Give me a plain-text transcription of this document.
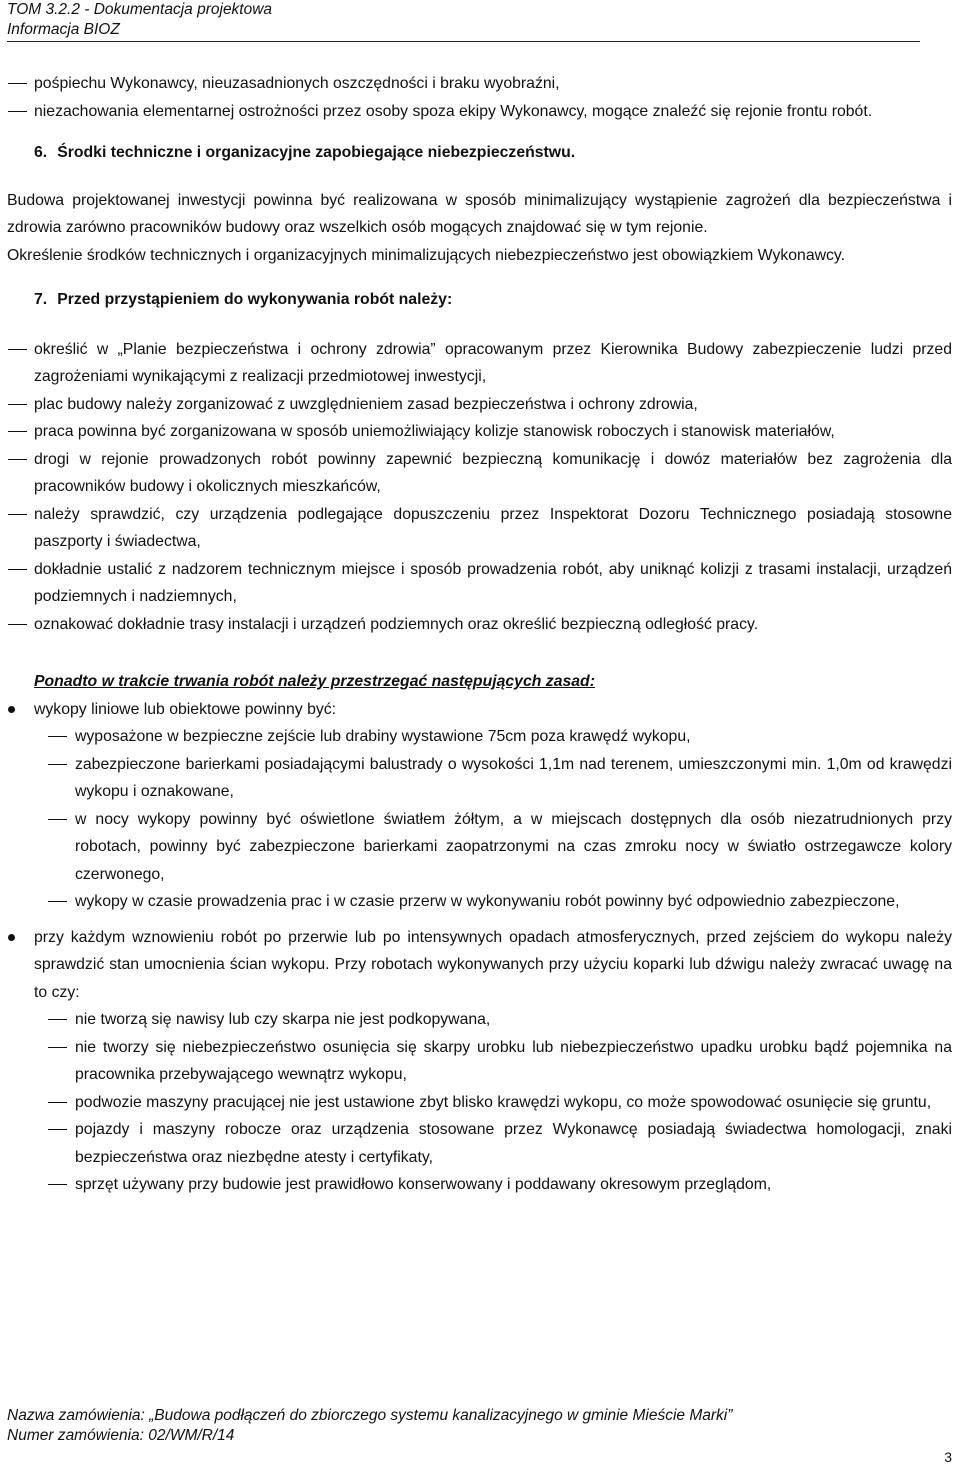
TOM 3.2.2 - Dokumentacja projektowa
Informacja BIOZ
pośpiechu Wykonawcy, nieuzasadnionych oszczędności i braku wyobraźni,
niezachowania elementarnej ostrożności przez osoby spoza ekipy Wykonawcy, mogące znaleźć się rejonie frontu robót.
6. Środki techniczne i organizacyjne zapobiegające niebezpieczeństwu.

Budowa projektowanej inwestycji powinna być realizowana w sposób minimalizujący wystąpienie zagrożeń dla bezpieczeństwa i zdrowia zarówno pracowników budowy oraz wszelkich osób mogących znajdować się w tym rejonie.

Określenie środków technicznych i organizacyjnych minimalizujących niebezpieczeństwo jest obowiązkiem Wykonawcy.

7. Przed przystąpieniem do wykonywania robót należy:
określić w „Planie bezpieczeństwa i ochrony zdrowia” opracowanym przez Kierownika Budowy zabezpieczenie ludzi przed zagrożeniami wynikającymi z realizacji przedmiotowej inwestycji,
plac budowy należy zorganizować z uwzględnieniem zasad bezpieczeństwa i ochrony zdrowia,
praca powinna być zorganizowana w sposób uniemożliwiający kolizje stanowisk roboczych i stanowisk materiałów,
drogi w rejonie prowadzonych robót powinny zapewnić bezpieczną komunikację i dowóz materiałów bez zagrożenia dla pracowników budowy i okolicznych mieszkańców,
należy sprawdzić, czy urządzenia podlegające dopuszczeniu przez Inspektorat Dozoru Technicznego posiadają stosowne paszporty i świadectwa,
dokładnie ustalić z nadzorem technicznym miejsce i sposób prowadzenia robót, aby uniknąć kolizji z trasami instalacji, urządzeń podziemnych i nadziemnych,
oznakować dokładnie trasy instalacji i urządzeń podziemnych oraz określić bezpieczną odległość pracy.
Ponadto w trakcie trwania robót należy przestrzegać następujących zasad:
wykopy liniowe lub obiektowe powinny być:
wyposażone w bezpieczne zejście lub drabiny wystawione 75cm poza krawędź wykopu,
zabezpieczone barierkami posiadającymi balustrady o wysokości 1,1m nad terenem, umieszczonymi min. 1,0m od krawędzi wykopu i oznakowane,
w nocy wykopy powinny być oświetlone światłem żółtym, a w miejscach dostępnych dla osób niezatrudnionych przy robotach, powinny być zabezpieczone barierkami zaopatrzonymi na czas zmroku nocy w światło ostrzegawcze kolory czerwonego,
wykopy w czasie prowadzenia prac i w czasie przerw w wykonywaniu robót powinny być odpowiednio zabezpieczone,
przy każdym wznowieniu robót po przerwie lub po intensywnych opadach atmosferycznych, przed zejściem do wykopu należy sprawdzić stan umocnienia ścian wykopu. Przy robotach wykonywanych przy użyciu koparki lub dźwigu należy zwracać uwagę na to czy:
nie tworzą się nawisy lub czy skarpa nie jest podkopywana,
nie tworzy się niebezpieczeństwo osunięcia się skarpy urobku lub niebezpieczeństwo upadku urobku bądź pojemnika na pracownika przebywającego wewnątrz wykopu,
podwozie maszyny pracującej nie jest ustawione zbyt blisko krawędzi wykopu, co może spowodować osunięcie się gruntu,
pojazdy i maszyny robocze oraz urządzenia stosowane przez Wykonawcę posiadają świadectwa homologacji, znaki bezpieczeństwa oraz niezbędne atesty i certyfikaty,
sprzęt używany przy budowie jest prawidłowo konserwowany i poddawany okresowym przeglądom,
Nazwa zamówienia: „Budowa podłączeń do zbiorczego systemu kanalizacyjnego w gminie Mieście Marki”
Numer zamówienia: 02/WM/R/14
3
